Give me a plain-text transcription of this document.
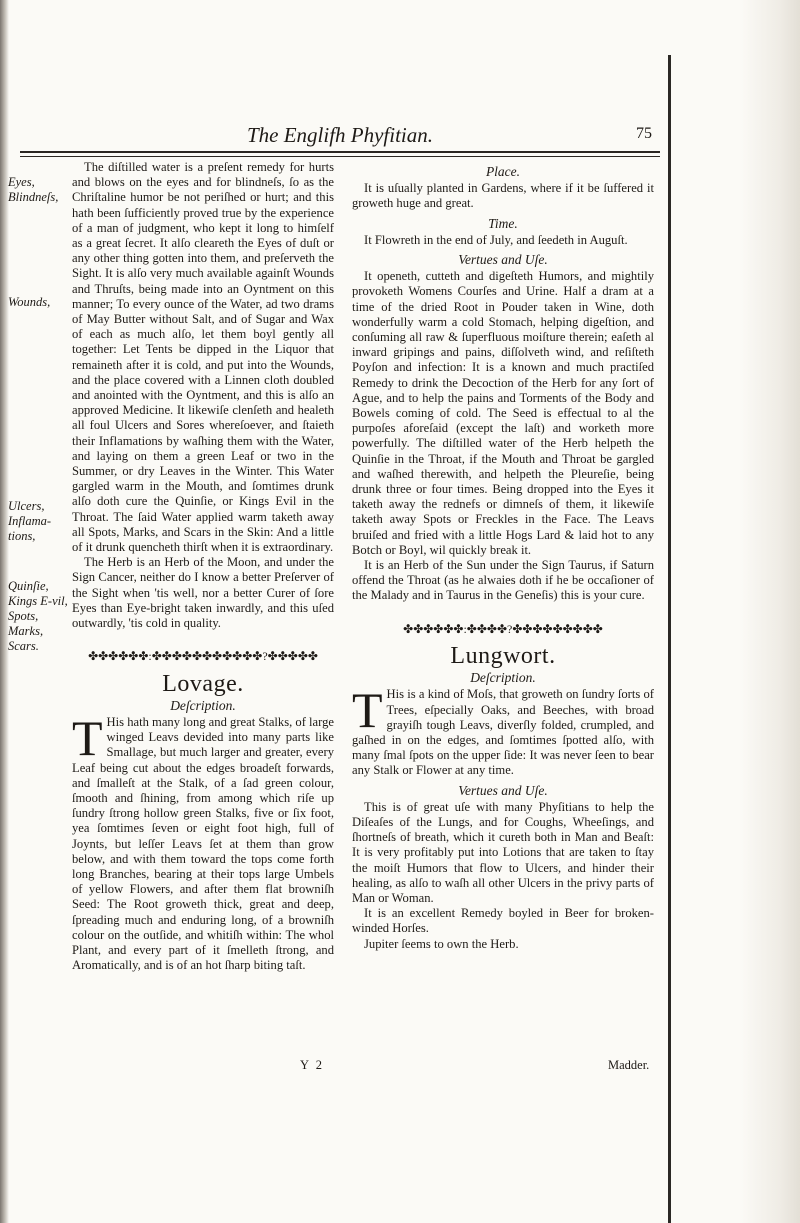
The Englifh Phyfitian.	75
Eyes, Blindneſs,
Wounds,
Ulcers, Inflama-tions,
Quinſie, Kings E-vil, Spots, Marks, Scars.

The diſtilled water is a preſent remedy for hurts and blows on the eyes and for blindneſs, ſo as the Chriſtaline humor be not periſhed or hurt; and this hath been ſufficiently proved true by the experience of a man of judgment, who kept it long to himſelf as a great ſecret. It alſo cleareth the Eyes of duſt or any other thing gotten into them, and preſerveth the Sight. It is alſo very much available againſt Wounds and Thruſts, being made into an Oyntment on this manner; To every ounce of the Water, ad two drams of May Butter without Salt, and of Sugar and Wax of each as much alſo, let them boyl gently all together: Let Tents be dipped in the Liquor that remaineth after it is cold, and put into the Wounds, and the place covered with a Linnen cloth doubled and anointed with the Oyntment, and this is alſo an approved Medicine. It likewiſe clenſeth and healeth all foul Ulcers and Sores whereſoever, and ſtaieth their Inflamations by waſhing them with the Water, and laying on them a green Leaf or two in the Summer, or dry Leaves in the Winter. This Water gargled warm in the Mouth, and ſomtimes drunk alſo doth cure the Quinſie, or Kings Evil in the Throat. The ſaid Water applied warm taketh away all Spots, Marks, and Scars in the Skin: And a little of it drunk quencheth thirſt when it is extraordinary.

The Herb is an Herb of the Moon, and under the Sign Cancer, neither do I know a better Preſerver of the Sight when 'tis well, nor a better Curer of ſore Eyes than Eye-bright taken inwardly, and this uſed outwardly, 'tis cold in quality.

✤✤✤✤✤✤:✤✤✤✤✤✤✤✤✤✤✤?✤✤✤✤✤
Lovage.
Deſcription.

T His hath many long and great Stalks, of large winged Leavs devided into many parts like Smallage, but much larger and greater, every Leaf being cut about the edges broadeſt forwards, and ſmalleſt at the Stalk, of a ſad green colour, ſmooth and ſhining, from among which riſe up ſundry ſtrong hollow green Stalks, five or ſix foot, yea ſomtimes ſeven or eight foot high, full of Joynts, but leſſer Leavs ſet at them than grow below, and with them toward the tops come forth long Branches, bearing at their tops large Umbels of yellow Flowers, and after them flat browniſh Seed: The Root groweth thick, great and deep, ſpreading much and enduring long, of a browniſh colour on the outſide, and whitiſh within: The whol Plant, and every part of it ſmelleth ſtrong, and Aromatically, and is of an hot ſharp biting taſt.

Place.

It is uſually planted in Gardens, where if it be ſuffered it groweth huge and great.

Time.

It Flowreth in the end of July, and ſeedeth in Auguſt.

Vertues and Uſe.

It openeth, cutteth and digeſteth Humors, and mightily provoketh Womens Courſes and Urine. Half a dram at a time of the dried Root in Pouder taken in Wine, doth wonderfully warm a cold Stomach, helping digeſtion, and conſuming all raw & ſuperfluous moiſture therein; eaſeth al inward gripings and pains, diſſolveth wind, and reſiſteth Poyſon and infection: It is a known and much practiſed Remedy to drink the Decoction of the Herb for any ſort of Ague, and to help the pains and Torments of the Body and Bowels coming of cold. The Seed is effectual to al the purpoſes aforeſaid (except the laſt) and worketh more powerfully. The diſtilled water of the Herb helpeth the Quinſie in the Throat, if the Mouth and Throat be gargled and waſhed therewith, and helpeth the Pleureſie, being drunk three or four times. Being dropped into the Eyes it taketh away the rednefs or dimneſs of them, it likewiſe taketh away Spots or Freckles in the Face. The Leavs bruiſed and fried with a little Hogs Lard & laid hot to any Botch or Boyl, wil quickly break it.

It is an Herb of the Sun under the Sign Taurus, if Saturn offend the Throat (as he alwaies doth if he be occaſioner of the Malady and in Taurus in the Geneſis) this is your cure.

✤✤✤✤✤✤:✤✤✤✤?✤✤✤✤✤✤✤✤✤
Lungwort.
Deſcription.

T His is a kind of Moſs, that groweth on ſundry ſorts of Trees, eſpecially Oaks, and Beeches, with broad grayiſh tough Leavs, diverſly folded, crumpled, and gaſhed in on the edges, and ſomtimes ſpotted alſo, with many ſmal ſpots on the upper ſide: It was never ſeen to bear any Stalk or Flower at any time.

Vertues and Uſe.

This is of great uſe with many Phyſitians to help the Diſeaſes of the Lungs, and for Coughs, Wheeſings, and ſhortneſs of breath, which it cureth both in Man and Beaſt: It is very profitably put into Lotions that are taken to ſtay the moiſt Humors that flow to Ulcers, and hinder their healing, as alſo to waſh all other Ulcers in the privy parts of Man or Woman.

It is an excellent Remedy boyled in Beer for broken-winded Horſes.

Jupiter ſeems to own the Herb.

Y 2	Madder.
